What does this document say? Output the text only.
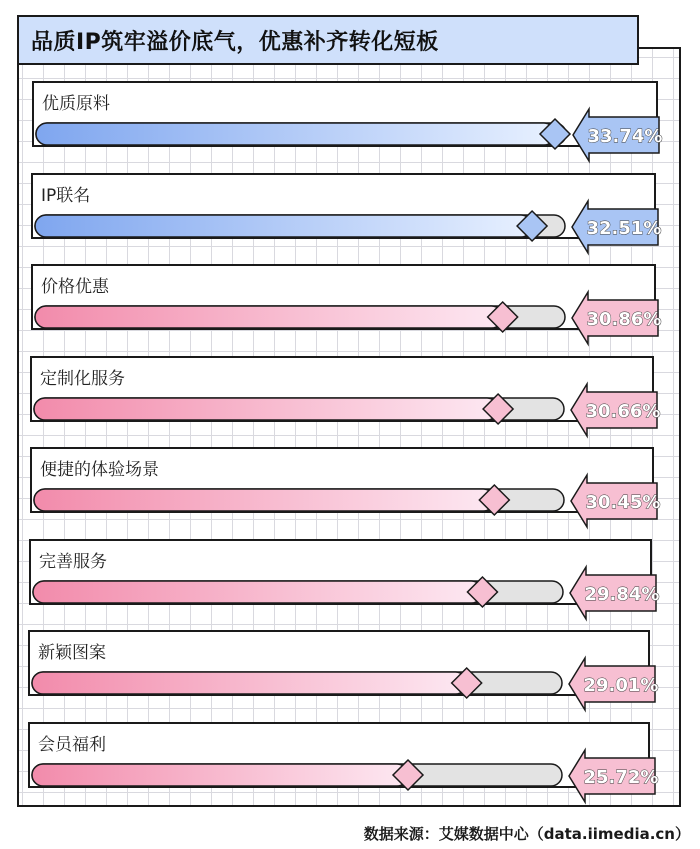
品质IP筑牢溢价底气，优惠补齐转化短板
33.74%
32.51%
30.86%
30.66%
30.45%
29.84%
29.01%
25.72%
数据来源：艾媒数据中心（data.iimedia.cn）
优质原料
IP联名
价格优惠
定制化服务
便捷的体验场景
完善服务
新颖图案
会员福利
